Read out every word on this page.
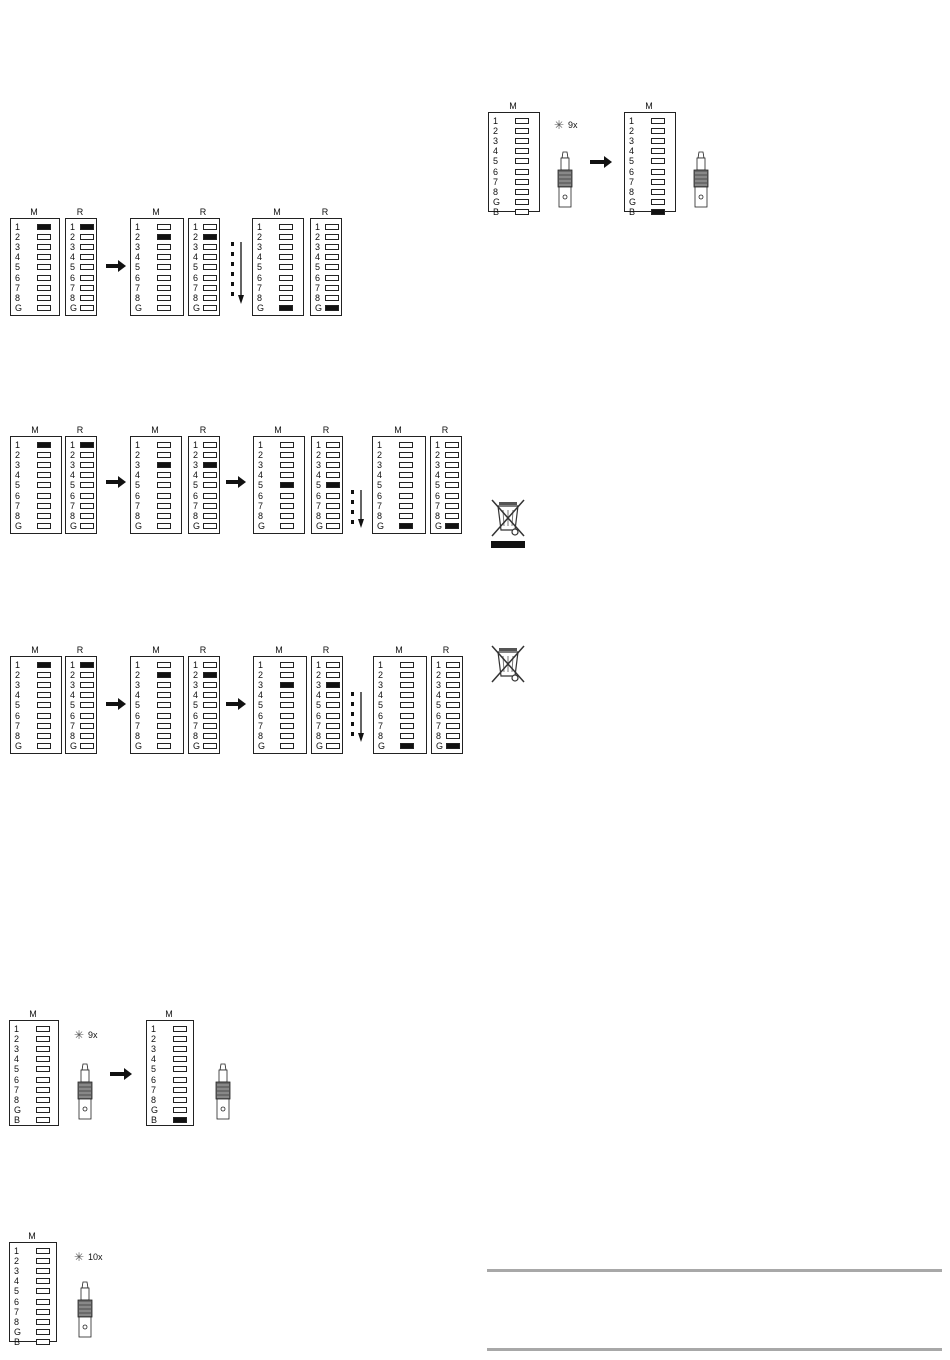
M
1
2
3
4
5
6
7
8
G
R
1
2
3
4
5
6
7
8
G
M
1
2
3
4
5
6
7
8
G
R
1
2
3
4
5
6
7
8
G
M
1
2
3
4
5
6
7
8
G
R
1
2
3
4
5
6
7
8
G
M
1
2
3
4
5
6
7
8
G
R
1
2
3
4
5
6
7
8
G
M
1
2
3
4
5
6
7
8
G
R
1
2
3
4
5
6
7
8
G
M
1
2
3
4
5
6
7
8
G
R
1
2
3
4
5
6
7
8
G
M
1
2
3
4
5
6
7
8
G
R
1
2
3
4
5
6
7
8
G
M
1
2
3
4
5
6
7
8
G
R
1
2
3
4
5
6
7
8
G
M
1
2
3
4
5
6
7
8
G
R
1
2
3
4
5
6
7
8
G
M
1
2
3
4
5
6
7
8
G
R
1
2
3
4
5
6
7
8
G
M
1
2
3
4
5
6
7
8
G
R
1
2
3
4
5
6
7
8
G
M
1
2
3
4
5
6
7
8
G
B
✳ 9x
M
1
2
3
4
5
6
7
8
G
B
M
1
2
3
4
5
6
7
8
G
B
✳ 10x
M
1
2
3
4
5
6
7
8
G
B
✳ 9x
M
1
2
3
4
5
6
7
8
G
B
